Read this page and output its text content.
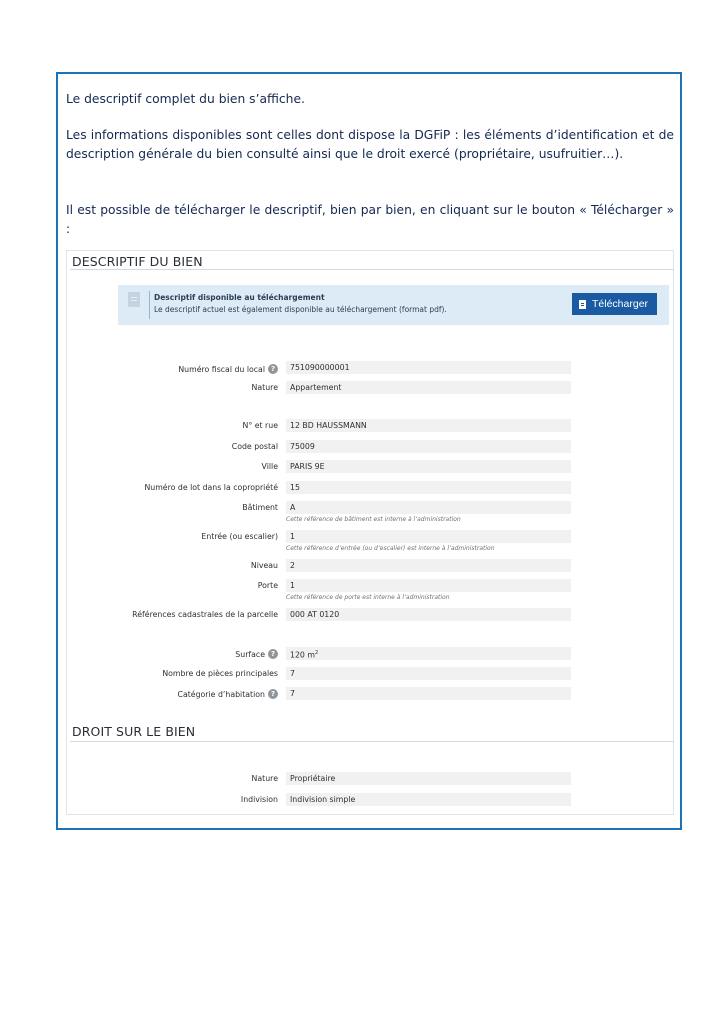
Le descriptif complet du bien s’affiche.

Les informations disponibles sont celles dont dispose la DGFiP : les éléments d’identification et de description générale du bien consulté ainsi que le droit exercé (propriétaire, usufruitier…).

Il est possible de télécharger le descriptif, bien par bien, en cliquant sur le bouton « Télécharger » :

DESCRIPTIF DU BIEN
Descriptif disponible au téléchargement
Le descriptif actuel est également disponible au téléchargement (format pdf).	Télécharger
Numéro fiscal du local ?	751090000001
Nature	Appartement
N° et rue	12 BD HAUSSMANN
Code postal	75009
Ville	PARIS 9E
Numéro de lot dans la copropriété	15
Bâtiment	A
Cette référence de bâtiment est interne à l’administration
Entrée (ou escalier)	1
Cette référence d’entrée (ou d’escalier) est interne à l’administration
Niveau	2
Porte	1
Cette référence de porte est interne à l’administration
Références cadastrales de la parcelle	000 AT 0120
Surface ?	120 $m^2$
Nombre de pièces principales	7
Catégorie d’habitation ?	7
DROIT SUR LE BIEN
Nature	Propriétaire
Indivision	Indivision simple
